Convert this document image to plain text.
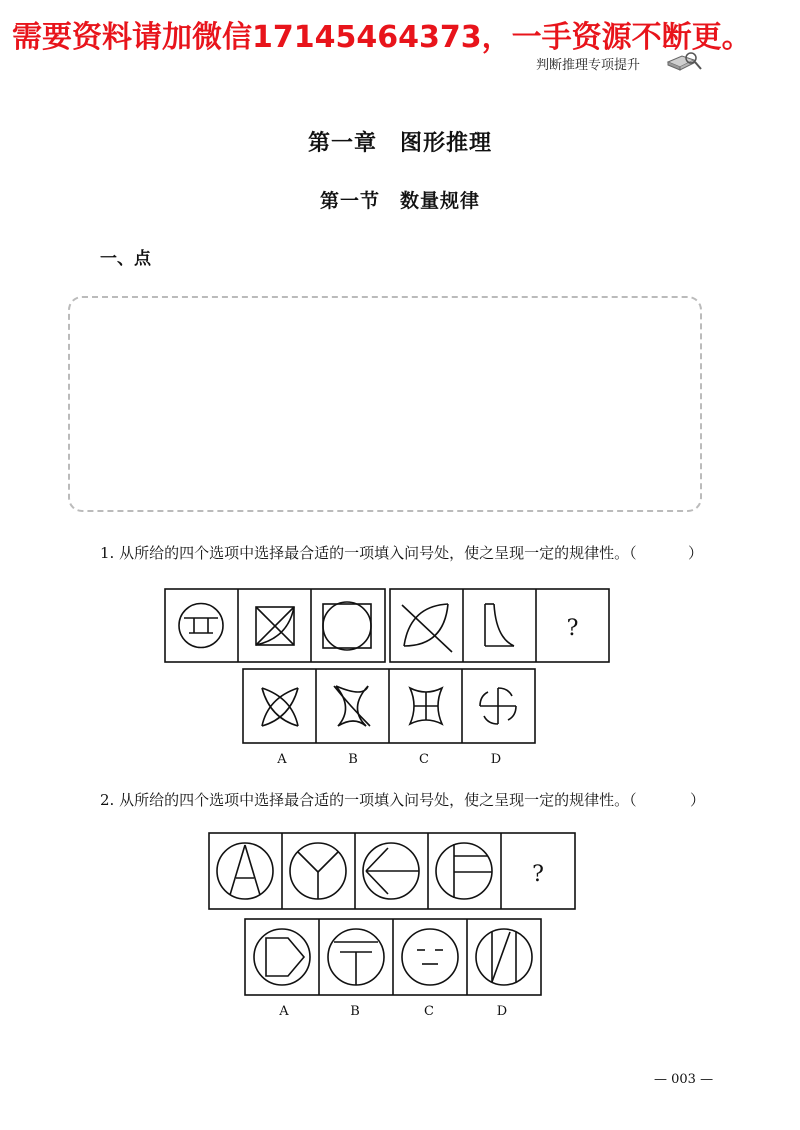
需要资料请加微信17145464373，一手资源不断更。
判断推理专项提升
第一章　图形推理
第一节　数量规律
一、点
1. 从所给的四个选项中选择最合适的一项填入问号处，使之呈现一定的规律性。（	）
?
A	B	C	D
2. 从所给的四个选项中选择最合适的一项填入问号处，使之呈现一定的规律性。（	）
?
A	B	C	D
— 003 —
